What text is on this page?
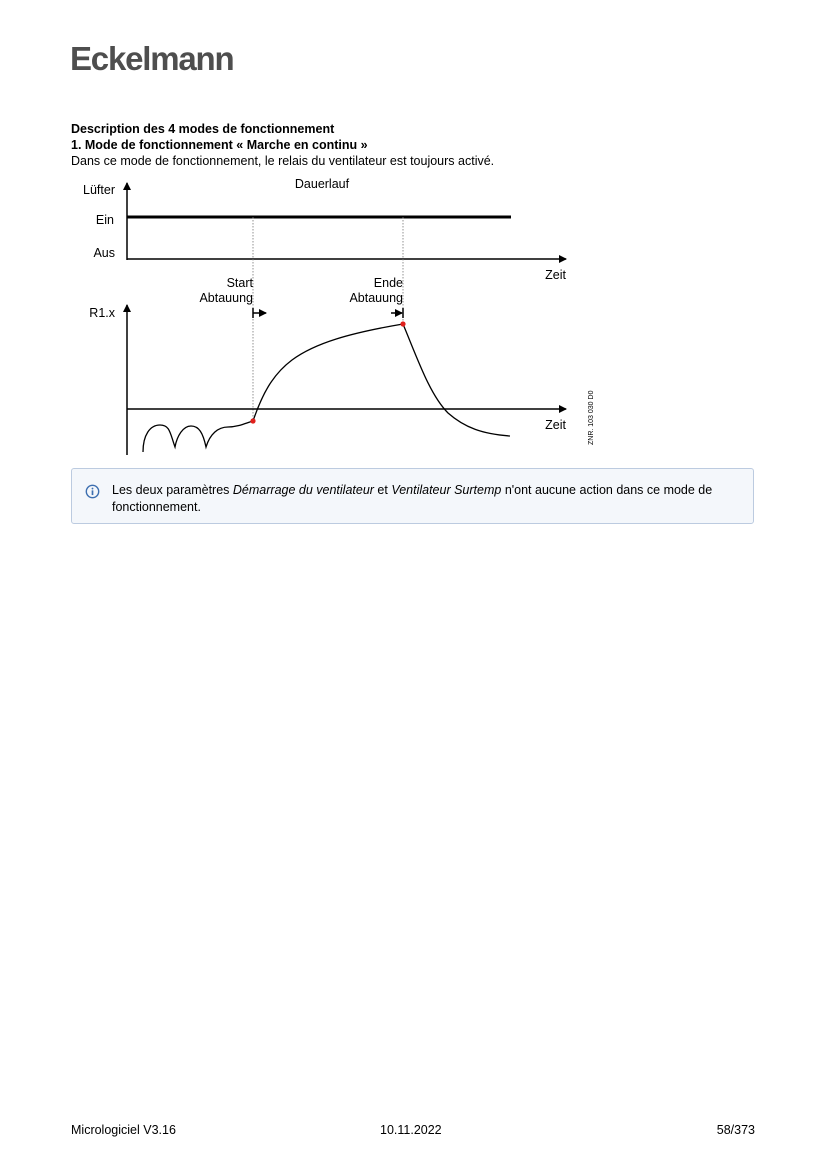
Eckelmann
Description des 4 modes de fonctionnement
1. Mode de fonctionnement « Marche en continu »
Dans ce mode de fonctionnement, le relais du ventilateur est toujours activé.
Dauerlauf
Lüfter
Ein
Aus
Zeit
Start
Abtauung
Ende
Abtauung
R1.x
Zeit	ZNR. 103 030 D0
Les deux paramètres Démarrage du ventilateur et Ventilateur Surtemp n'ont aucune action dans ce mode de fonctionnement.
Micrologiciel V3.16	10.11.2022	58/373
